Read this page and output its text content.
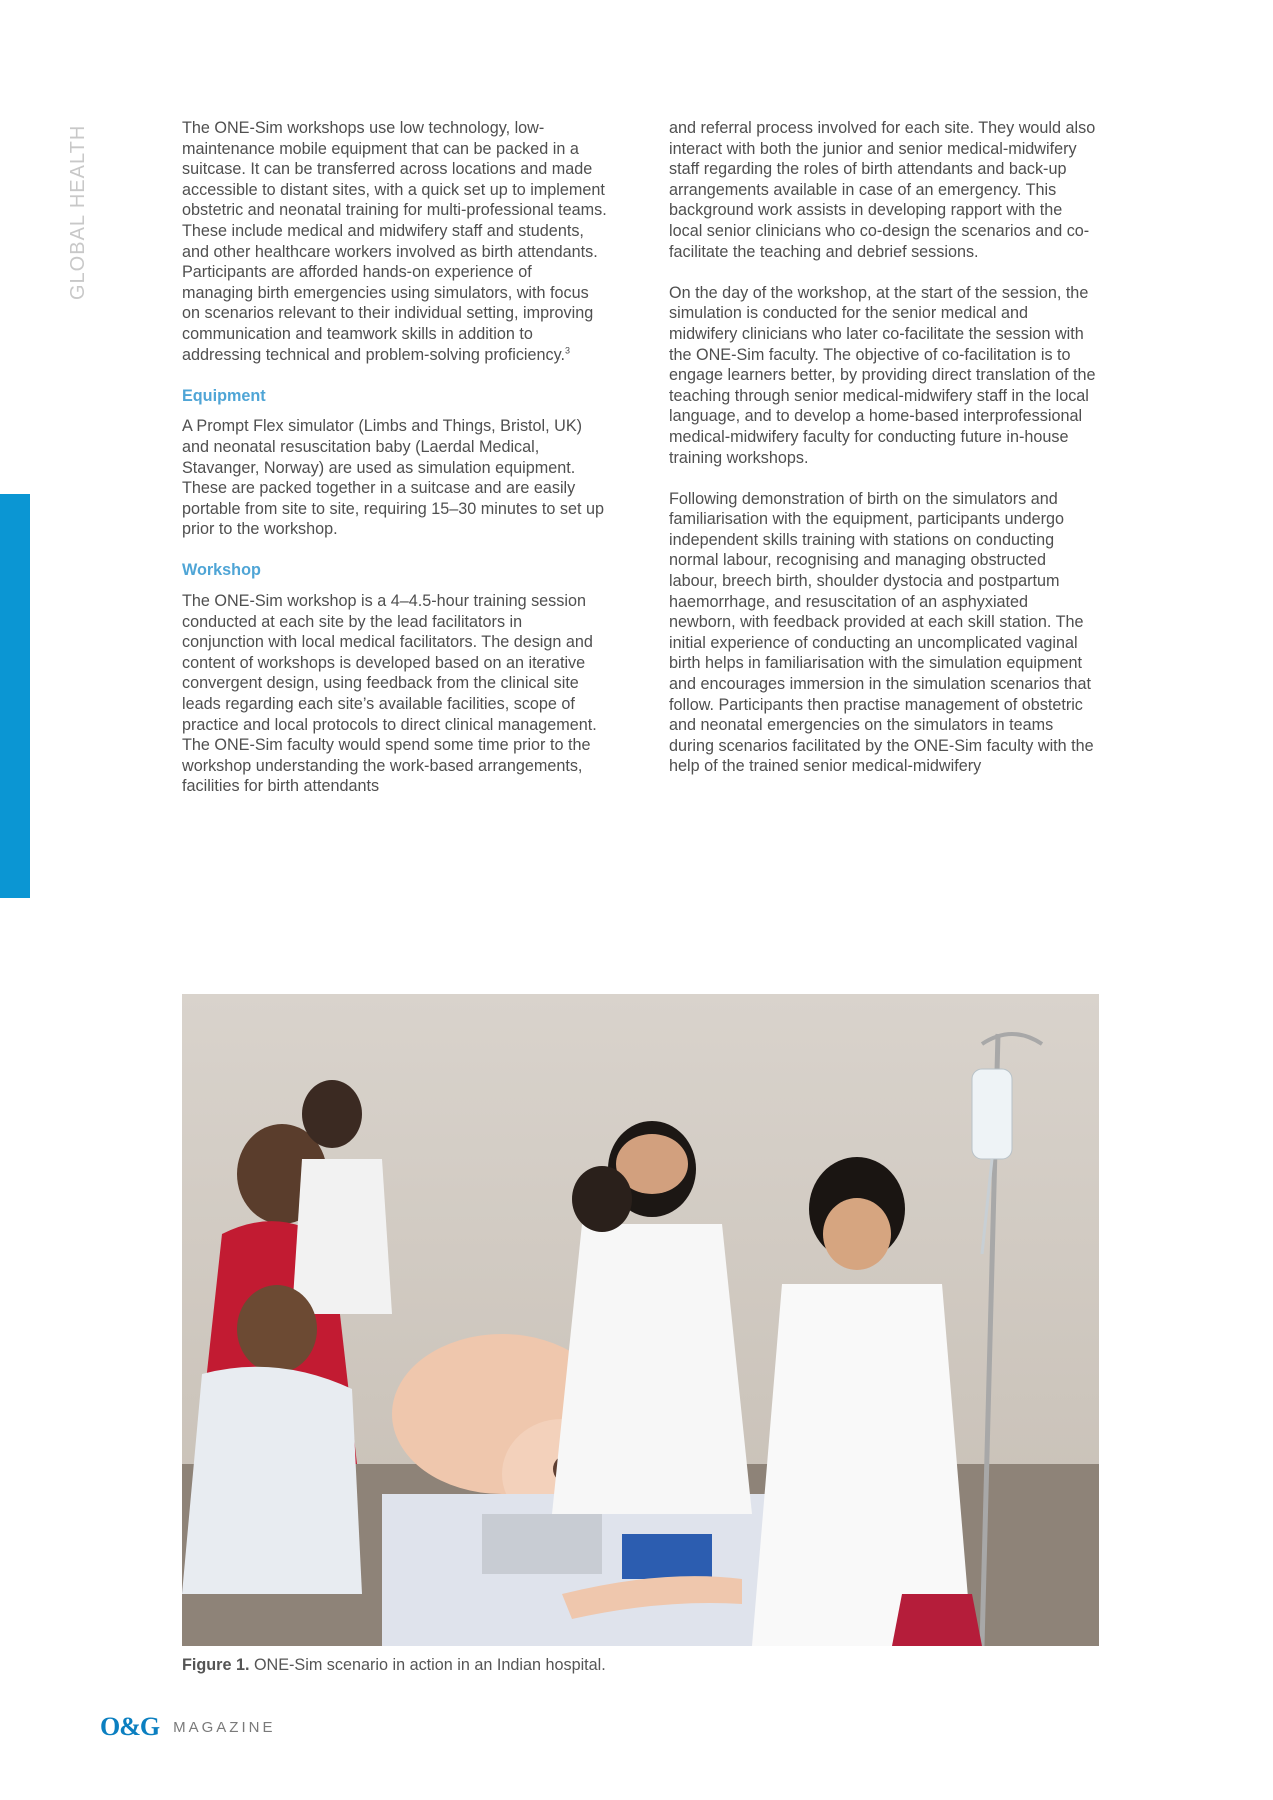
GLOBAL HEALTH	The ONE-Sim workshops use low technology, low-maintenance mobile equipment that can be packed in a suitcase. It can be transferred across locations and made accessible to distant sites, with a quick set up to implement obstetric and neonatal training for multi-professional teams. These include medical and midwifery staff and students, and other healthcare workers involved as birth attendants. Participants are afforded hands-on experience of managing birth emergencies using simulators, with focus on scenarios relevant to their individual setting, improving communication and teamwork skills in addition to addressing technical and problem-solving proficiency.$^3$

Equipment

A Prompt Flex simulator (Limbs and Things, Bristol, UK) and neonatal resuscitation baby (Laerdal Medical, Stavanger, Norway) are used as simulation equipment. These are packed together in a suitcase and are easily portable from site to site, requiring 15–30 minutes to set up prior to the workshop.

Workshop

The ONE-Sim workshop is a 4–4.5-hour training session conducted at each site by the lead facilitators in conjunction with local medical facilitators. The design and content of workshops is developed based on an iterative convergent design, using feedback from the clinical site leads regarding each site’s available facilities, scope of practice and local protocols to direct clinical management. The ONE-Sim faculty would spend some time prior to the workshop understanding the work-based arrangements, facilities for birth attendants

and referral process involved for each site. They would also interact with both the junior and senior medical-midwifery staff regarding the roles of birth attendants and back-up arrangements available in case of an emergency. This background work assists in developing rapport with the local senior clinicians who co-design the scenarios and co-facilitate the teaching and debrief sessions.

On the day of the workshop, at the start of the session, the simulation is conducted for the senior medical and midwifery clinicians who later co-facilitate the session with the ONE-Sim faculty. The objective of co-facilitation is to engage learners better, by providing direct translation of the teaching through senior medical-midwifery staff in the local language, and to develop a home-based interprofessional medical-midwifery faculty for conducting future in-house training workshops.

Following demonstration of birth on the simulators and familiarisation with the equipment, participants undergo independent skills training with stations on conducting normal labour, recognising and managing obstructed labour, breech birth, shoulder dystocia and postpartum haemorrhage, and resuscitation of an asphyxiated newborn, with feedback provided at each skill station. The initial experience of conducting an uncomplicated vaginal birth helps in familiarisation with the simulation equipment and encourages immersion in the simulation scenarios that follow. Participants then practise management of obstetric and neonatal emergencies on the simulators in teams during scenarios facilitated by the ONE-Sim faculty with the help of the trained senior medical-midwifery

Figure 1. ONE-Sim scenario in action in an Indian hospital.
O&G MAGAZINE
